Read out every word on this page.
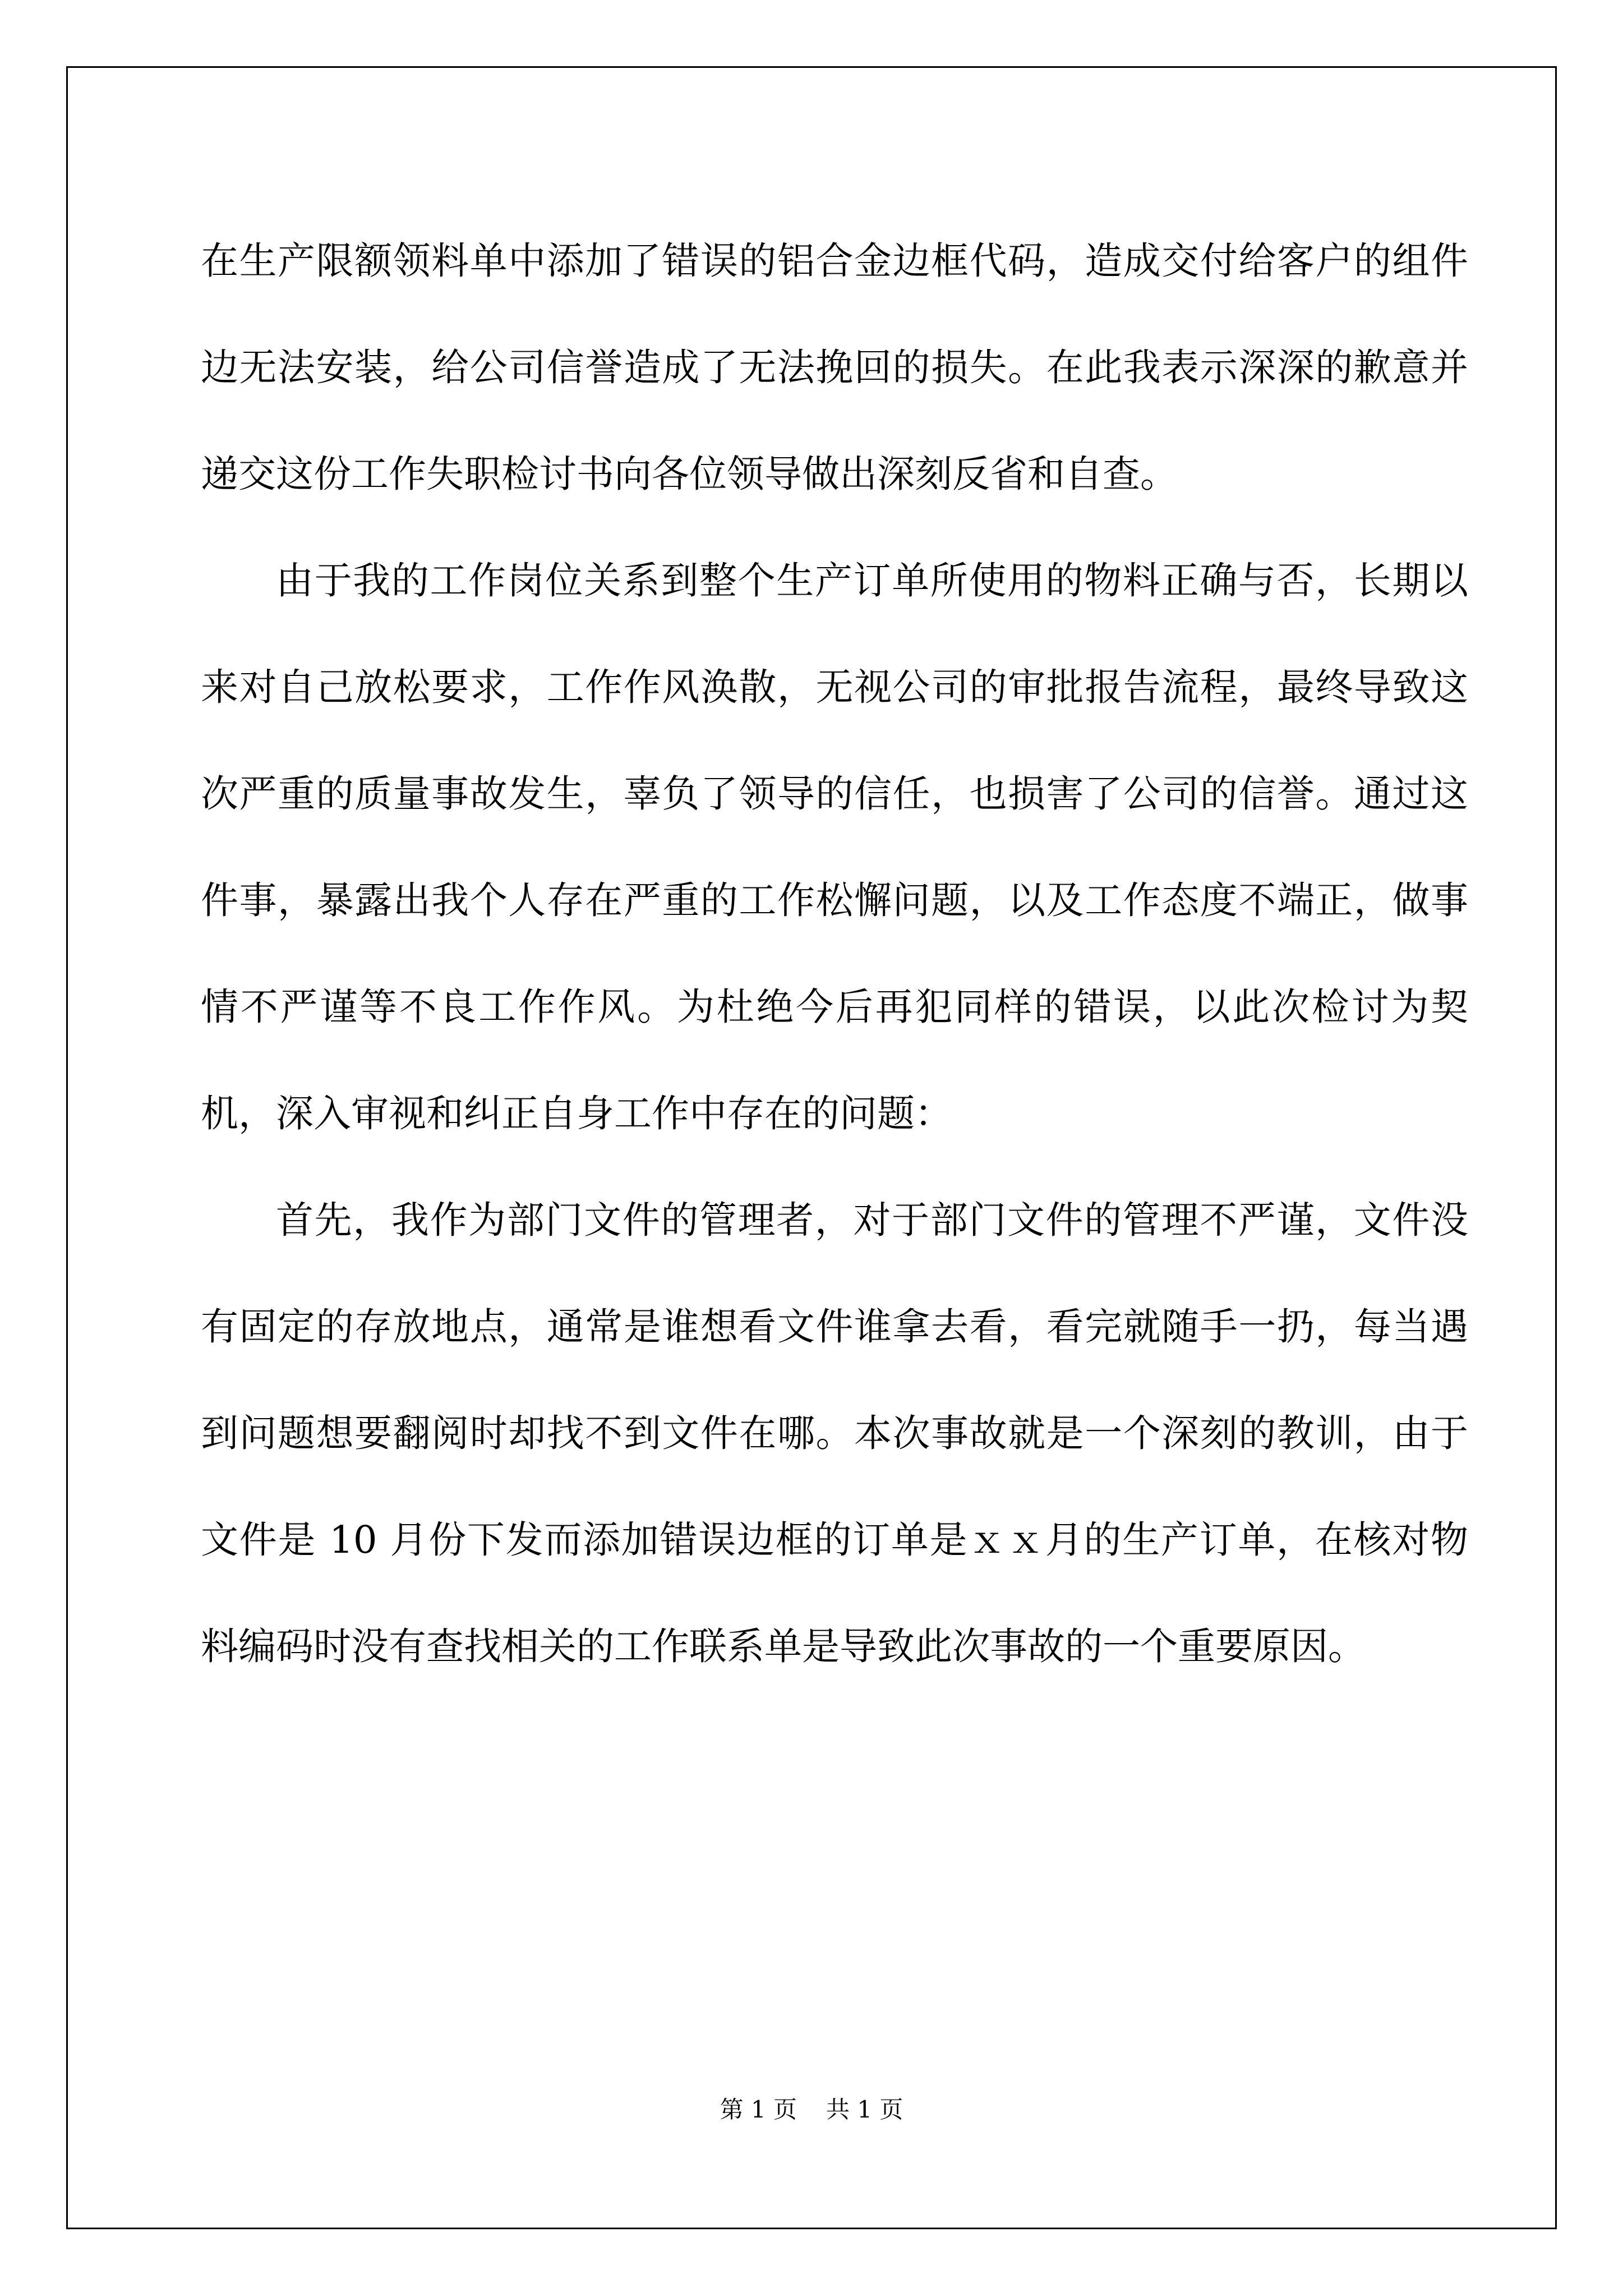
在生产限额领料单中添加了错误的铝合金边框代码，造成交付给客户的组件边无法安装，给公司信誉造成了无法挽回的损失。在此我表示深深的歉意并递交这份工作失职检讨书向各位领导做出深刻反省和自查。

由于我的工作岗位关系到整个生产订单所使用的物料正确与否，长期以来对自己放松要求，工作作风涣散，无视公司的审批报告流程，最终导致这次严重的质量事故发生，辜负了领导的信任，也损害了公司的信誉。通过这件事，暴露出我个人存在严重的工作松懈问题，以及工作态度不端正，做事情不严谨等不良工作作风。为杜绝今后再犯同样的错误，以此次检讨为契机，深入审视和纠正自身工作中存在的问题：

首先，我作为部门文件的管理者，对于部门文件的管理不严谨，文件没有固定的存放地点，通常是谁想看文件谁拿去看，看完就随手一扔，每当遇到问题想要翻阅时却找不到文件在哪。本次事故就是一个深刻的教训，由于文件是 10 月份下发而添加错误边框的订单是ｘｘ月的生产订单，在核对物料编码时没有查找相关的工作联系单是导致此次事故的一个重要原因。

第 1 页 共 1 页
